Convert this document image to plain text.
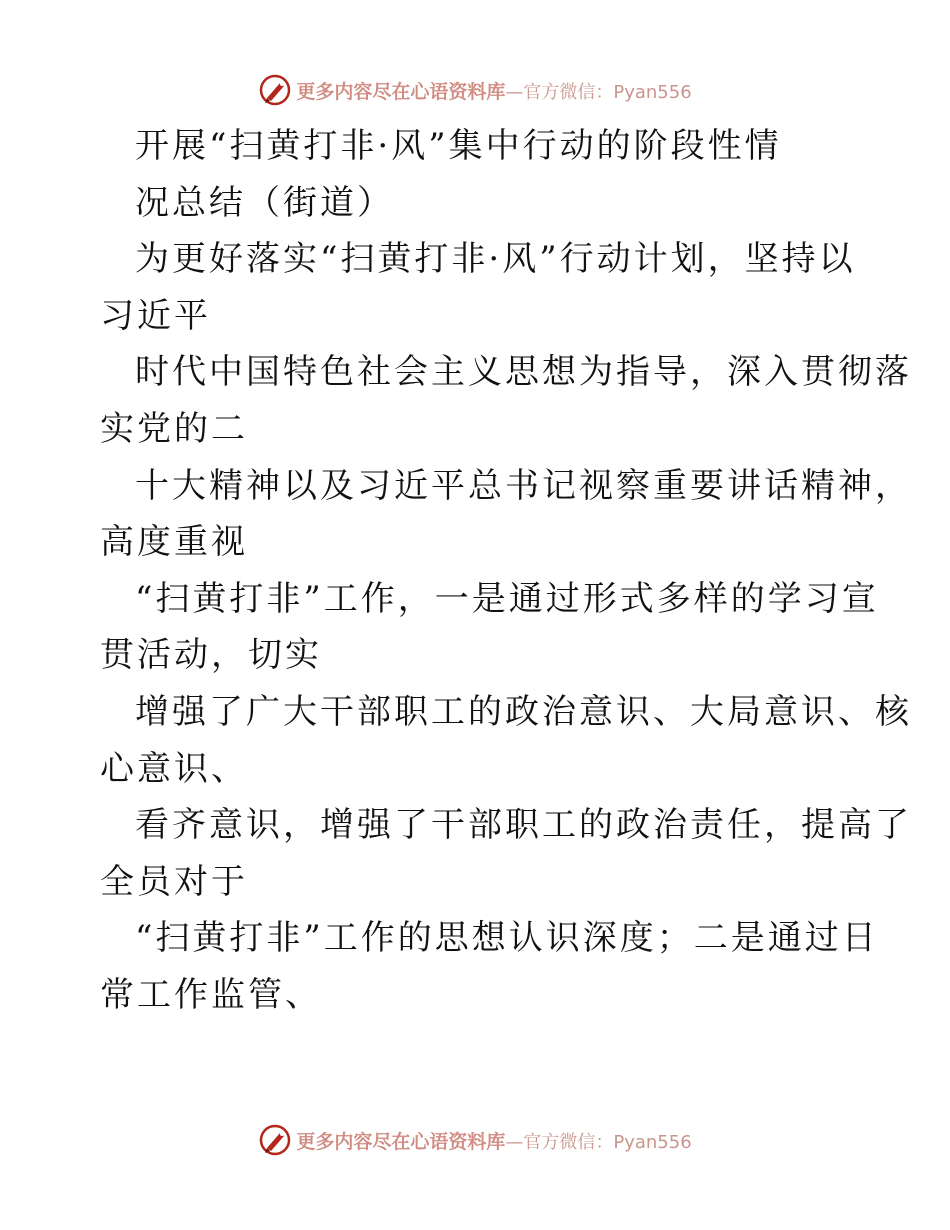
更多内容尽在心语资料库—官方微信：Pyan556
开展“扫黄打非·风”集中行动的阶段性情
况总结（街道）
为更好落实“扫黄打非·风”行动计划，坚持以
习近平
时代中国特色社会主义思想为指导，深入贯彻落
实党的二
十大精神以及习近平总书记视察重要讲话精神，
高度重视
“扫黄打非”工作，一是通过形式多样的学习宣
贯活动，切实
增强了广大干部职工的政治意识、大局意识、核
心意识、
看齐意识，增强了干部职工的政治责任，提高了
全员对于
“扫黄打非”工作的思想认识深度；二是通过日
常工作监管、
更多内容尽在心语资料库—官方微信：Pyan556
